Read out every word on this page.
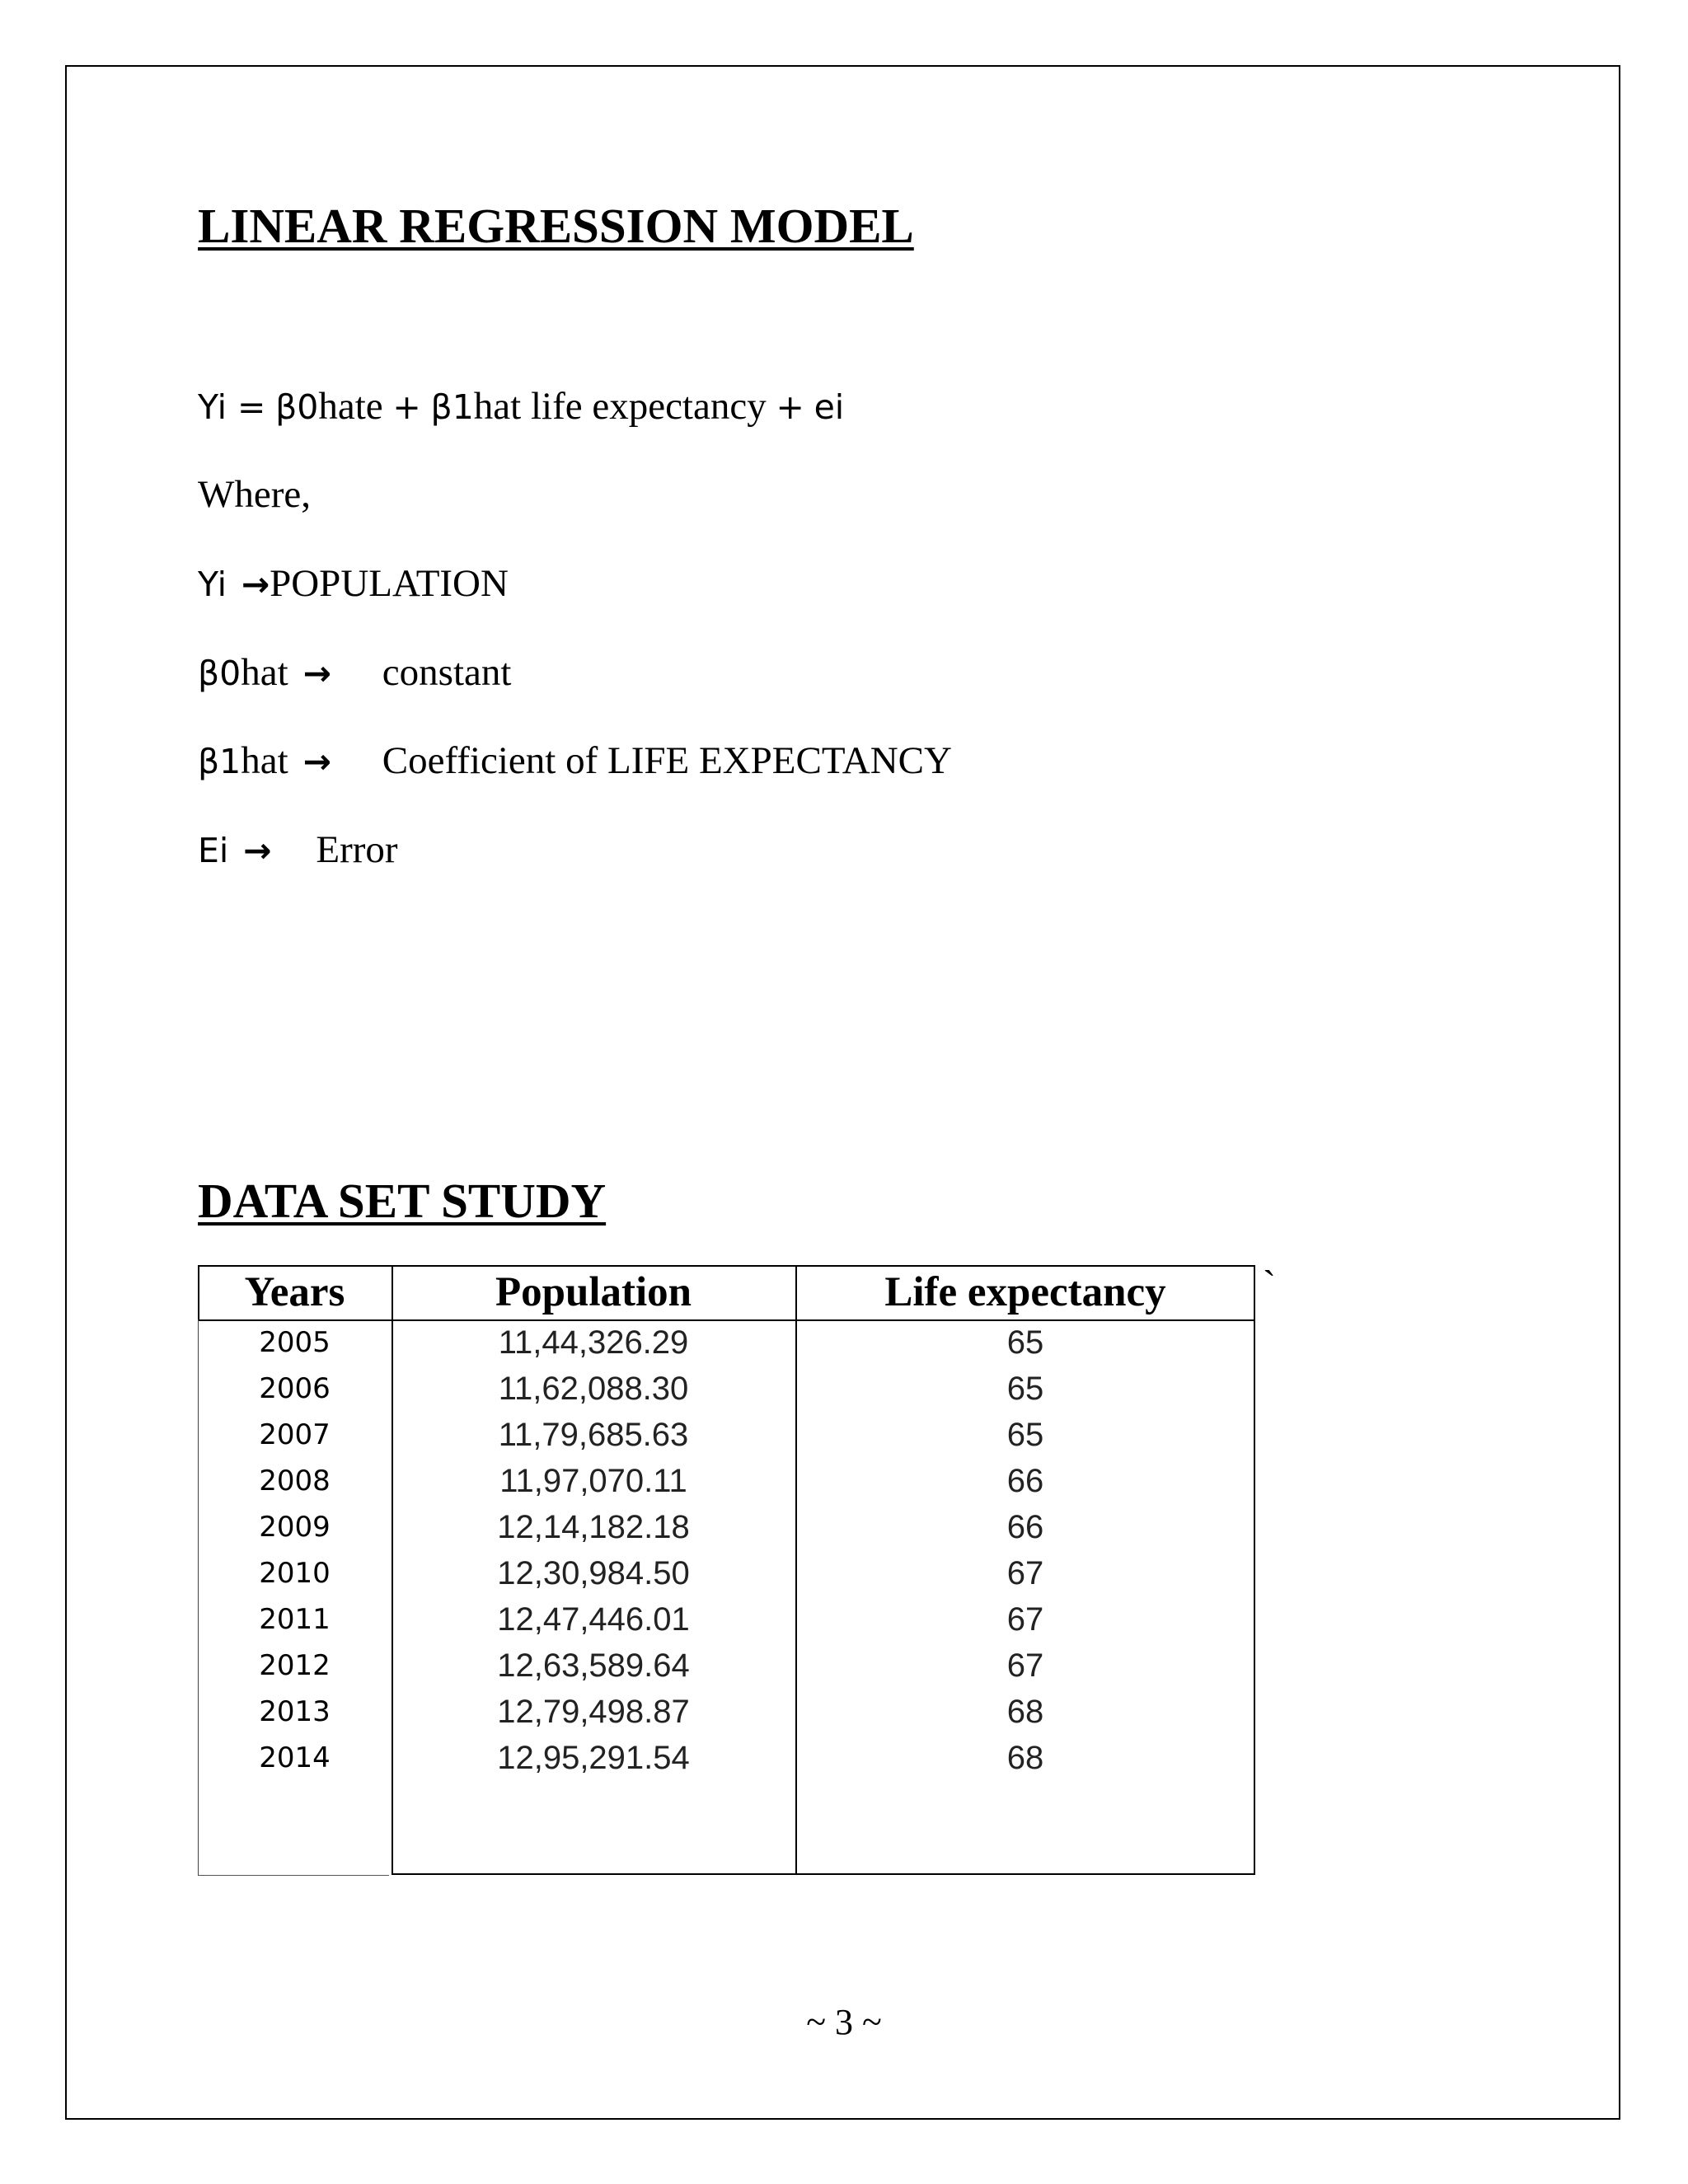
LINEAR REGRESSION MODEL
Yi = β0hate + β1hat life expectancy + ei
Where,
Yi →POPULATION
β0hat → constant
β1hat → Coefficient of LIFE EXPECTANCY
Ei → Error
DATA SET STUDY
Years	Population	Life expectancy
2005	11,44,326.29	65
2006	11,62,088.30	65
2007	11,79,685.63	65
2008	11,97,070.11	66
2009	12,14,182.18	66
2010	12,30,984.50	67
2011	12,47,446.01	67
2012	12,63,589.64	67
2013	12,79,498.87	68
2014	12,95,291.54	68
`
~ 3 ~
